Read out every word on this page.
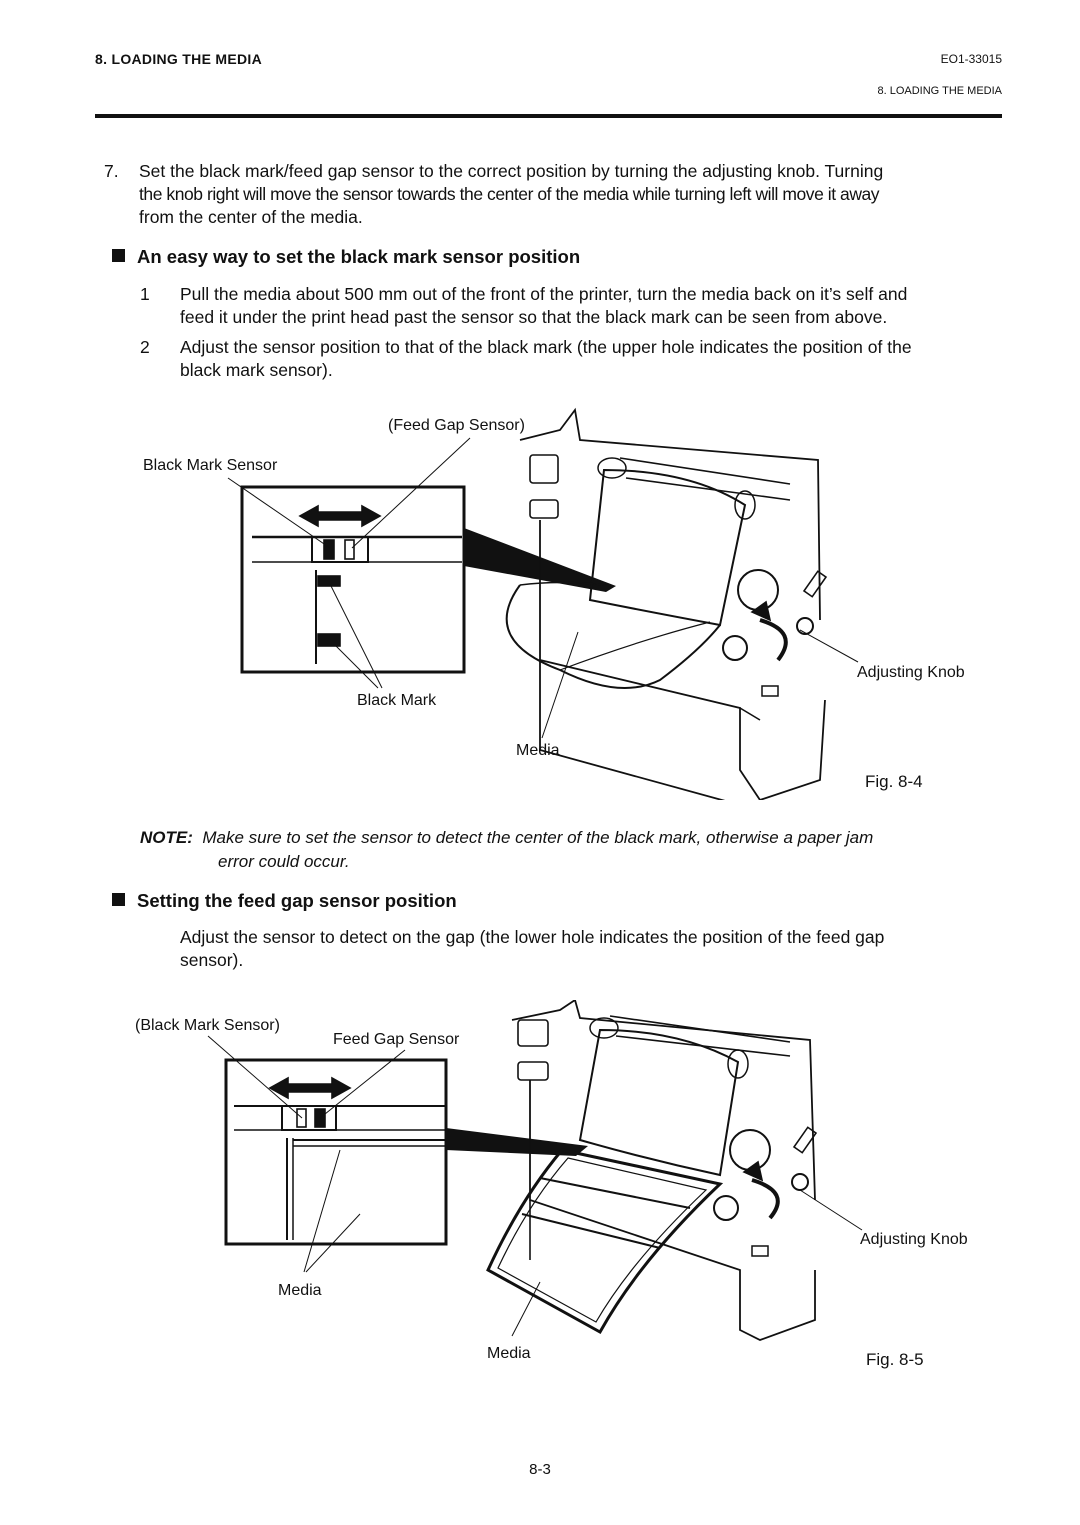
8. LOADING THE MEDIA	EO1-33015
8. LOADING THE MEDIA
7. Set the black mark/feed gap sensor to the correct position by turning the adjusting knob. Turning
the knob right will move the sensor towards the center of the media while turning left will move it away
from the center of the media.
An easy way to set the black mark sensor position
1 Pull the media about 500 mm out of the front of the printer, turn the media back on it’s self and
feed it under the print head past the sensor so that the black mark can be seen from above.
2 Adjust the sensor position to that of the black mark (the upper hole indicates the position of the
black mark sensor).
(Feed Gap Sensor)
Black Mark Sensor
Adjusting Knob
Black Mark
Media
Fig. 8-4
NOTE: Make sure to set the sensor to detect the center of the black mark, otherwise a paper jam
error could occur.
Setting the feed gap sensor position
Adjust the sensor to detect on the gap (the lower hole indicates the position of the feed gap
sensor).
(Black Mark Sensor)
Feed Gap Sensor
Adjusting Knob
Media
Media	Fig. 8-5
8-3
